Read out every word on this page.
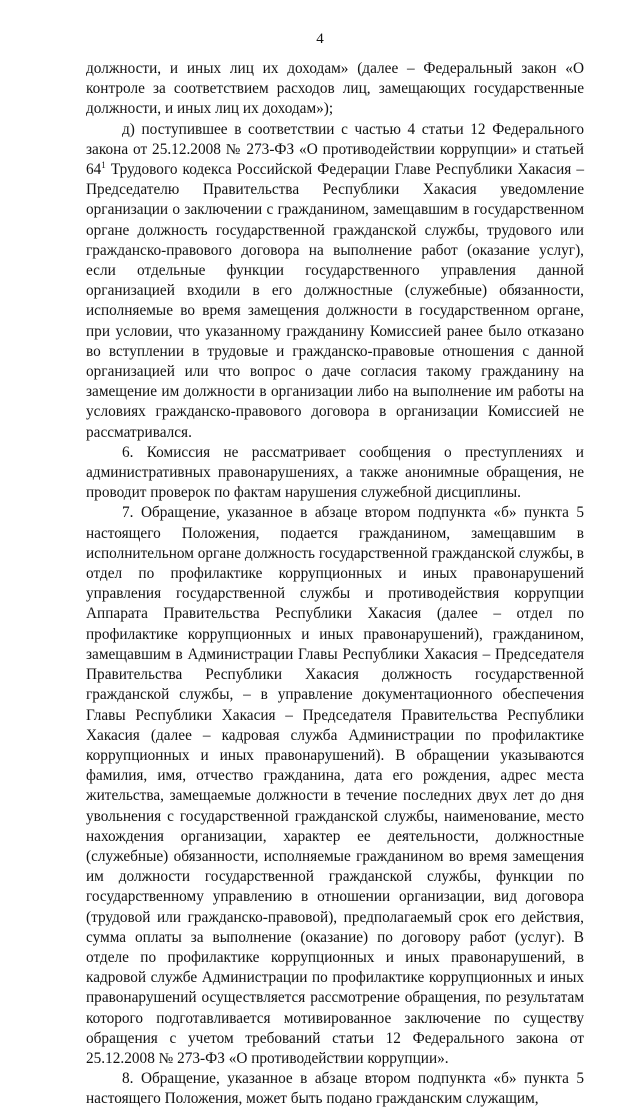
4

должности, и иных лиц их доходам» (далее – Федеральный закон «О контроле за соответствием расходов лиц, замещающих государственные должности, и иных лиц их доходам»);

д) поступившее в соответствии с частью 4 статьи 12 Федерального закона от 25.12.2008 № 273-ФЗ «О противодействии коррупции» и статьей $64^1$ Трудового кодекса Российской Федерации Главе Республики Хакасия – Председателю Правительства Республики Хакасия уведомление организации о заключении с гражданином, замещавшим в государственном органе должность государственной гражданской службы, трудового или гражданско-правового договора на выполнение работ (оказание услуг), если отдельные функции государственного управления данной организацией входили в его должностные (служебные) обязанности, исполняемые во время замещения должности в государственном органе, при условии, что указанному гражданину Комиссией ранее было отказано во вступлении в трудовые и гражданско-правовые отношения с данной организацией или что вопрос о даче согласия такому гражданину на замещение им должности в организации либо на выполнение им работы на условиях гражданско-правового договора в организации Комиссией не рассматривался.

6. Комиссия не рассматривает сообщения о преступлениях и административных правонарушениях, а также анонимные обращения, не проводит проверок по фактам нарушения служебной дисциплины.

7. Обращение, указанное в абзаце втором подпункта «б» пункта 5 настоящего Положения, подается гражданином, замещавшим в исполнительном органе должность государственной гражданской службы, в отдел по профилактике коррупционных и иных правонарушений управления государственной службы и противодействия коррупции Аппарата Правительства Республики Хакасия (далее – отдел по профилактике коррупционных и иных правонарушений), гражданином, замещавшим в Администрации Главы Республики Хакасия – Председателя Правительства Республики Хакасия должность государственной гражданской службы, – в управление документационного обеспечения Главы Республики Хакасия – Председателя Правительства Республики Хакасия (далее – кадровая служба Администрации по профилактике коррупционных и иных правонарушений). В обращении указываются фамилия, имя, отчество гражданина, дата его рождения, адрес места жительства, замещаемые должности в течение последних двух лет до дня увольнения с государственной гражданской службы, наименование, место нахождения организации, характер ее деятельности, должностные (служебные) обязанности, исполняемые гражданином во время замещения им должности государственной гражданской службы, функции по государственному управлению в отношении организации, вид договора (трудовой или гражданско-правовой), предполагаемый срок его действия, сумма оплаты за выполнение (оказание) по договору работ (услуг). В отделе по профилактике коррупционных и иных правонарушений, в кадровой службе Администрации по профилактике коррупционных и иных правонарушений осуществляется рассмотрение обращения, по результатам которого подготавливается мотивированное заключение по существу обращения с учетом требований статьи 12 Федерального закона от 25.12.2008 № 273-ФЗ «О противодействии коррупции».

8. Обращение, указанное в абзаце втором подпункта «б» пункта 5 настоящего Положения, может быть подано гражданским служащим,
